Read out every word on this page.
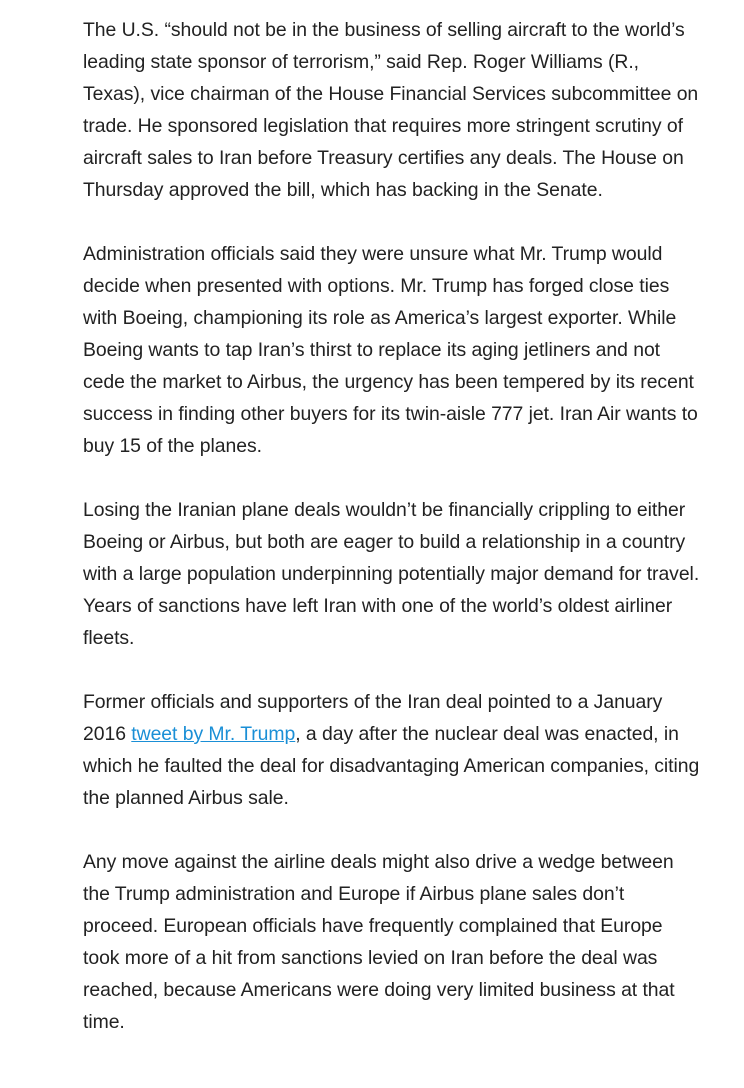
The U.S. “should not be in the business of selling aircraft to the world’s leading state sponsor of terrorism,” said Rep. Roger Williams (R., Texas), vice chairman of the House Financial Services subcommittee on trade. He sponsored legislation that requires more stringent scrutiny of aircraft sales to Iran before Treasury certifies any deals. The House on Thursday approved the bill, which has backing in the Senate.

Administration officials said they were unsure what Mr. Trump would decide when presented with options. Mr. Trump has forged close ties with Boeing, championing its role as America’s largest exporter. While Boeing wants to tap Iran’s thirst to replace its aging jetliners and not cede the market to Airbus, the urgency has been tempered by its recent success in finding other buyers for its twin-aisle 777 jet. Iran Air wants to buy 15 of the planes.

Losing the Iranian plane deals wouldn’t be financially crippling to either Boeing or Airbus, but both are eager to build a relationship in a country with a large population underpinning potentially major demand for travel. Years of sanctions have left Iran with one of the world’s oldest airliner fleets.

Former officials and supporters of the Iran deal pointed to a January 2016 tweet by Mr. Trump, a day after the nuclear deal was enacted, in which he faulted the deal for disadvantaging American companies, citing the planned Airbus sale.

Any move against the airline deals might also drive a wedge between the Trump administration and Europe if Airbus plane sales don’t proceed. European officials have frequently complained that Europe took more of a hit from sanctions levied on Iran before the deal was reached, because Americans were doing very limited business at that time.
